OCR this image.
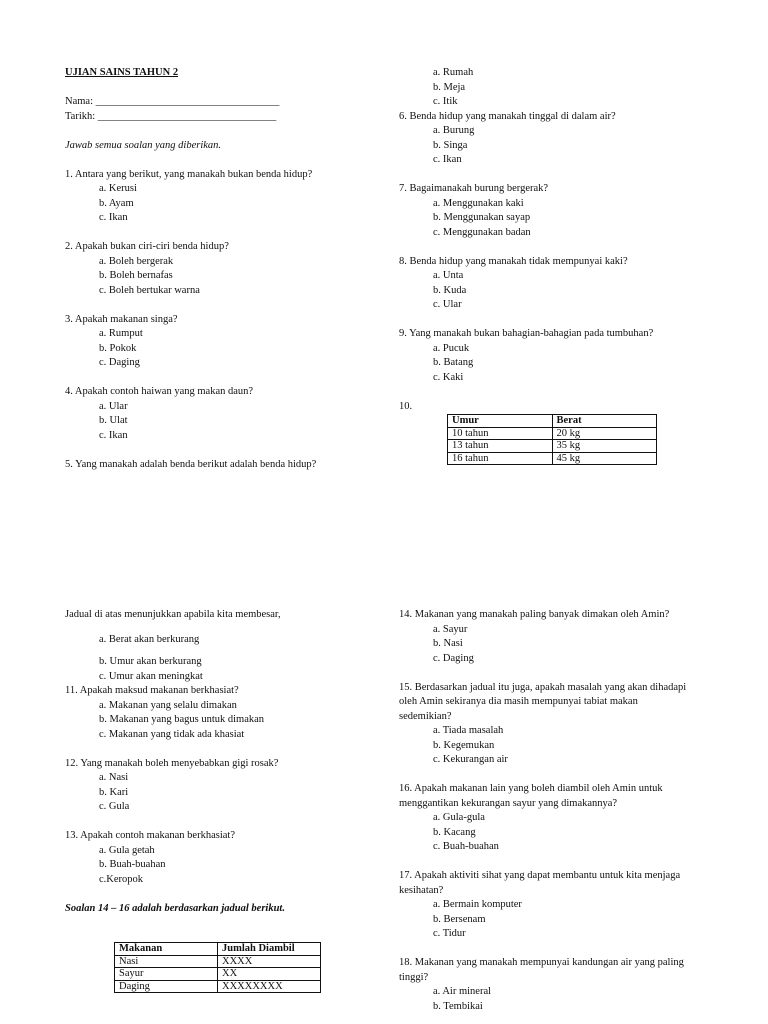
UJIAN SAINS TAHUN 2
Nama: ___________________________________
Tarikh: __________________________________
Jawab semua soalan yang diberikan.
1. Antara yang berikut, yang manakah bukan benda hidup?
a. Kerusi
b. Ayam
c. Ikan
2. Apakah bukan ciri-ciri benda hidup?
a. Boleh bergerak
b. Boleh bernafas
c. Boleh bertukar warna
3. Apakah makanan singa?
a. Rumput
b. Pokok
c. Daging
4. Apakah contoh haiwan yang makan daun?
a. Ular
b. Ulat
c. Ikan
5. Yang manakah adalah benda berikut adalah benda hidup?
a. Rumah
b. Meja
c. Itik
6. Benda hidup yang manakah tinggal di dalam air?
a. Burung
b. Singa
c. Ikan
7. Bagaimanakah burung bergerak?
a. Menggunakan kaki
b. Menggunakan sayap
c. Menggunakan badan
8. Benda hidup yang manakah tidak mempunyai kaki?
a. Unta
b. Kuda
c. Ular
9. Yang manakah bukan bahagian-bahagian pada tumbuhan?
a. Pucuk
b. Batang
c. Kaki
10.
Umur	Berat
10 tahun	20 kg
13 tahun	35 kg
16 tahun	45 kg
Jadual di atas menunjukkan apabila kita membesar,
a. Berat akan berkurang
b. Umur akan berkurang
c. Umur akan meningkat
11. Apakah maksud makanan berkhasiat?
a. Makanan yang selalu dimakan
b. Makanan yang bagus untuk dimakan
c. Makanan yang tidak ada khasiat
12. Yang manakah boleh menyebabkan gigi rosak?
a. Nasi
b. Kari
c. Gula
13. Apakah contoh makanan berkhasiat?
a. Gula getah
b. Buah-buahan
c.Keropok
Soalan 14 – 16 adalah berdasarkan jadual berikut.
Makanan	Jumlah Diambil
Nasi	XXXX
Sayur	XX
Daging	XXXXXXXX
14. Makanan yang manakah paling banyak dimakan oleh Amin?
a. Sayur
b. Nasi
c. Daging
15. Berdasarkan jadual itu juga, apakah masalah yang akan dihadapi
oleh Amin sekiranya dia masih mempunyai tabiat makan
sedemikian?
a. Tiada masalah
b. Kegemukan
c. Kekurangan air
16. Apakah makanan lain yang boleh diambil oleh Amin untuk
menggantikan kekurangan sayur yang dimakannya?
a. Gula-gula
b. Kacang
c. Buah-buahan
17. Apakah aktiviti sihat yang dapat membantu untuk kita menjaga
kesihatan?
a. Bermain komputer
b. Bersenam
c. Tidur
18. Makanan yang manakah mempunyai kandungan air yang paling
tinggi?
a. Air mineral
b. Tembikai
